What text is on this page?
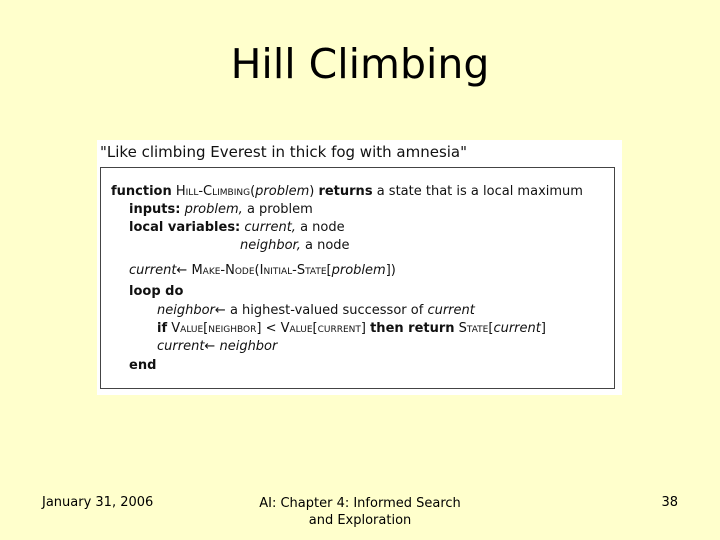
Hill Climbing
"Like climbing Everest in thick fog with amnesia"
function Hill-Climbing(problem) returns a state that is a local maximum
inputs: problem, a problem
local variables: current, a node
neighbor, a node
current← Make-Node(Initial-State[problem])
loop do
neighbor← a highest-valued successor of current
if Value[neighbor] < Value[current] then return State[current]
current← neighbor
end
January 31, 2006	AI: Chapter 4: Informed Search
and Exploration
38
